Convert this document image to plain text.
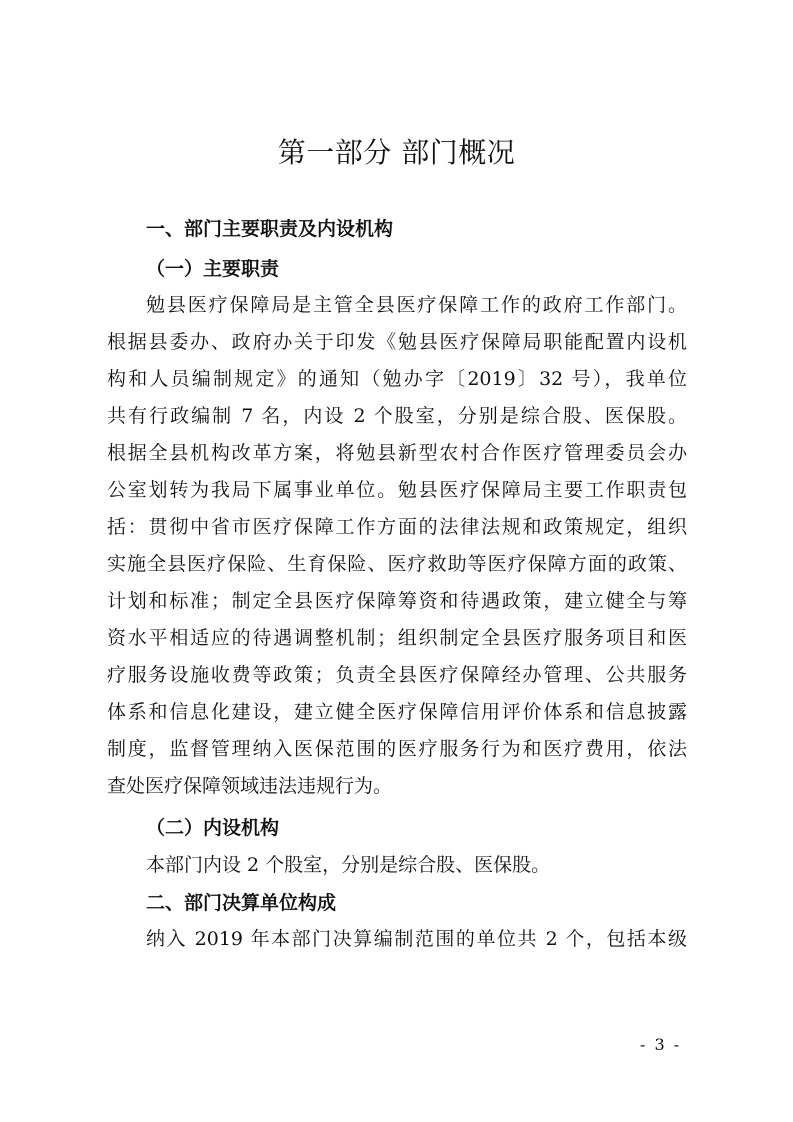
第一部分 部门概况
一、部门主要职责及内设机构
（一）主要职责

勉县医疗保障局是主管全县医疗保障工作的政府工作部门。

根据县委办、政府办关于印发《勉县医疗保障局职能配置内设机

构和人员编制规定》的通知（勉办字〔2019〕32 号），我单位

共有行政编制 7 名，内设 2 个股室，分别是综合股、医保股。

根据全县机构改革方案，将勉县新型农村合作医疗管理委员会办

公室划转为我局下属事业单位。勉县医疗保障局主要工作职责包

括：贯彻中省市医疗保障工作方面的法律法规和政策规定，组织

实施全县医疗保险、生育保险、医疗救助等医疗保障方面的政策、

计划和标准；制定全县医疗保障筹资和待遇政策，建立健全与筹

资水平相适应的待遇调整机制；组织制定全县医疗服务项目和医

疗服务设施收费等政策；负责全县医疗保障经办管理、公共服务

体系和信息化建设，建立健全医疗保障信用评价体系和信息披露

制度，监督管理纳入医保范围的医疗服务行为和医疗费用，依法

查处医疗保障领域违法违规行为。

（二）内设机构

本部门内设 2 个股室，分别是综合股、医保股。

二、部门决算单位构成

纳入 2019 年本部门决算编制范围的单位共 2 个，包括本级

- 3 -
